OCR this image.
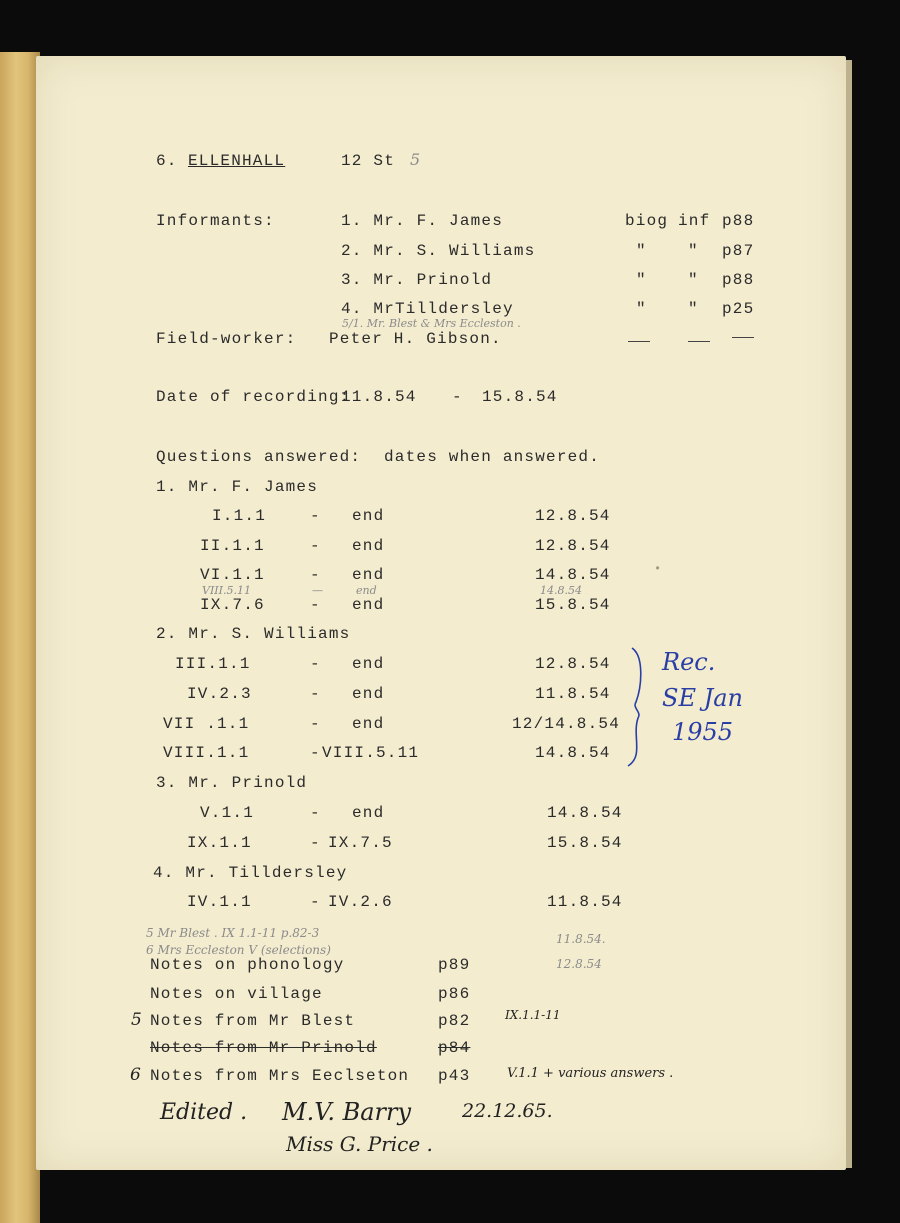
6. ELLENHALL	12 St 5
Informants:	1. Mr. F. James	biog inf p88
2. Mr. S. Williams	"	" p87
3. Mr. Prinold	"	" p88
4. MrTilldersley	"	" p25
5/1. Mr. Blest & Mrs Eccleston .
Field-worker: Peter H. Gibson.
Date of recording:
11.8.54 - 15.8.54
Questions answered: dates when answered.
1. Mr. F. James
I.1.1	- end	12.8.54
II.1.1	- end	12.8.54
VI.1.1	- end	14.8.54
VIII.5.11	—	end	14.8.54
IX.7.6	- end	15.8.54
2. Mr. S. Williams
III.1.1	- end	12.8.54
IV.2.3	- end	11.8.54
VII .1.1	- end	12/14.8.54
VIII.1.1	- VIII.5.11	14.8.54
Rec.
SE Jan
1955
3. Mr. Prinold
V.1.1	- end	14.8.54
IX.1.1	- IX.7.5	15.8.54
4. Mr. Tilldersley
IV.1.1	- IV.2.6	11.8.54
5 Mr Blest . IX 1.1-11 p.82-3
6 Mrs Eccleston V (selections)
11.8.54.
12.8.54
Notes on phonology	p89
Notes on village	p86
5 Notes from Mr Blest	p82	IX.1.1-11
Notes from Mr Prinold	p84
6 Notes from Mrs Eeclseton p43	V.1.1 + various answers .
Edited . M.V. Barry	22.12.65.
Miss G. Price .
•
